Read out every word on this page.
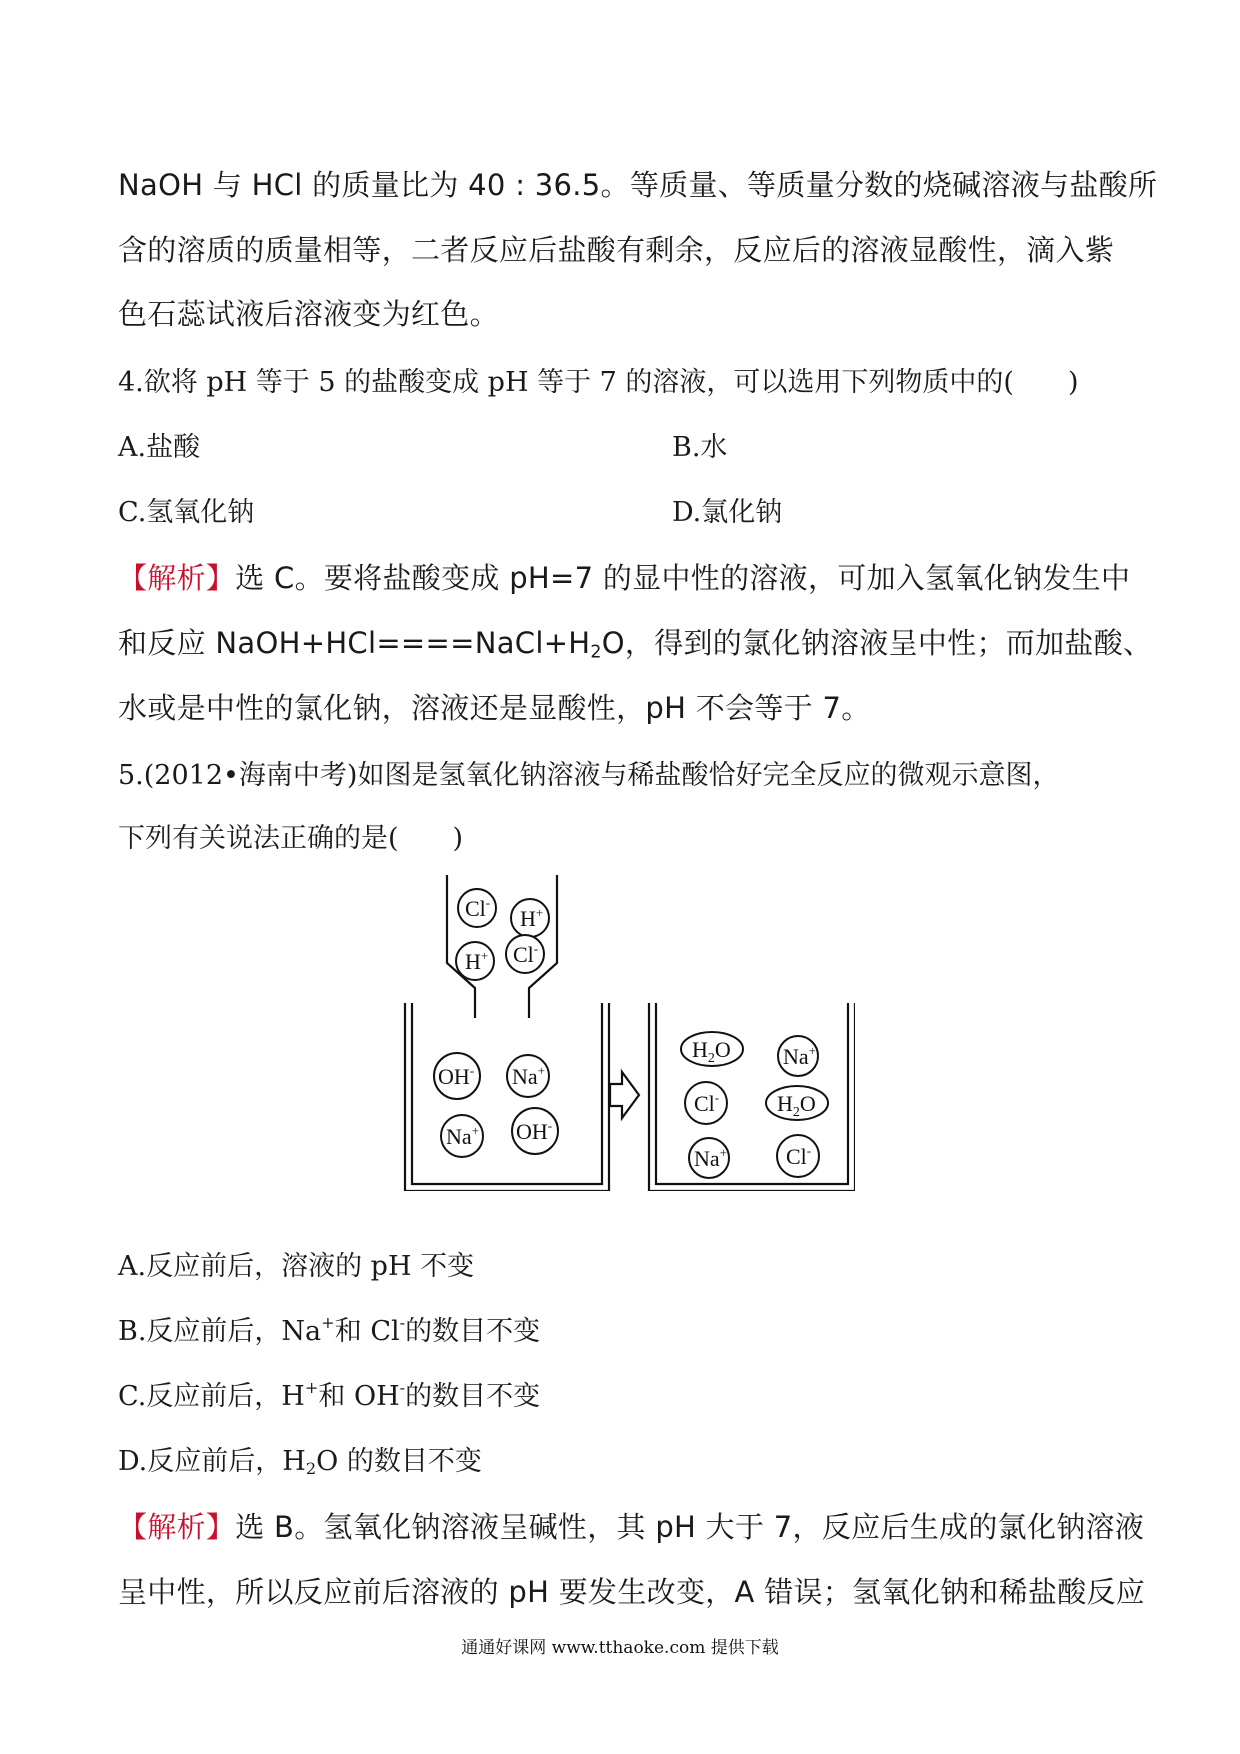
NaOH 与 HCl 的质量比为 40 : 36.5。等质量、等质量分数的烧碱溶液与盐酸所
含的溶质的质量相等，二者反应后盐酸有剩余，反应后的溶液显酸性，滴入紫
色石蕊试液后溶液变为红色。
4.欲将 pH 等于 5 的盐酸变成 pH 等于 7 的溶液，可以选用下列物质中的(　　)
A.盐酸	B.水
C.氢氧化钠	D.氯化钠
【解析】选 C。要将盐酸变成 pH=7 的显中性的溶液，可加入氢氧化钠发生中
和反应 $NaOH+HCl====NaCl+H_2O$，得到的氯化钠溶液呈中性；而加盐酸、
水或是中性的氯化钠，溶液还是显酸性，pH 不会等于 7。
5.(2012•海南中考)如图是氢氧化钠溶液与稀盐酸恰好完全反应的微观示意图，
下列有关说法正确的是(　　)
Cl-
H+
H+ Cl-
OH- Na+
Na+ OH-
$H_2O$ Na+
Cl-	$H_2O$
Na+	Cl-
A.反应前后，溶液的 pH 不变
B.反应前后，Na+和 Cl-的数目不变
C.反应前后，H+和 OH-的数目不变
D.反应前后，$H_2O$ 的数目不变
【解析】选 B。氢氧化钠溶液呈碱性，其 pH 大于 7，反应后生成的氯化钠溶液
呈中性，所以反应前后溶液的 pH 要发生改变，A 错误；氢氧化钠和稀盐酸反应
通通好课网 www.tthaoke.com 提供下载
